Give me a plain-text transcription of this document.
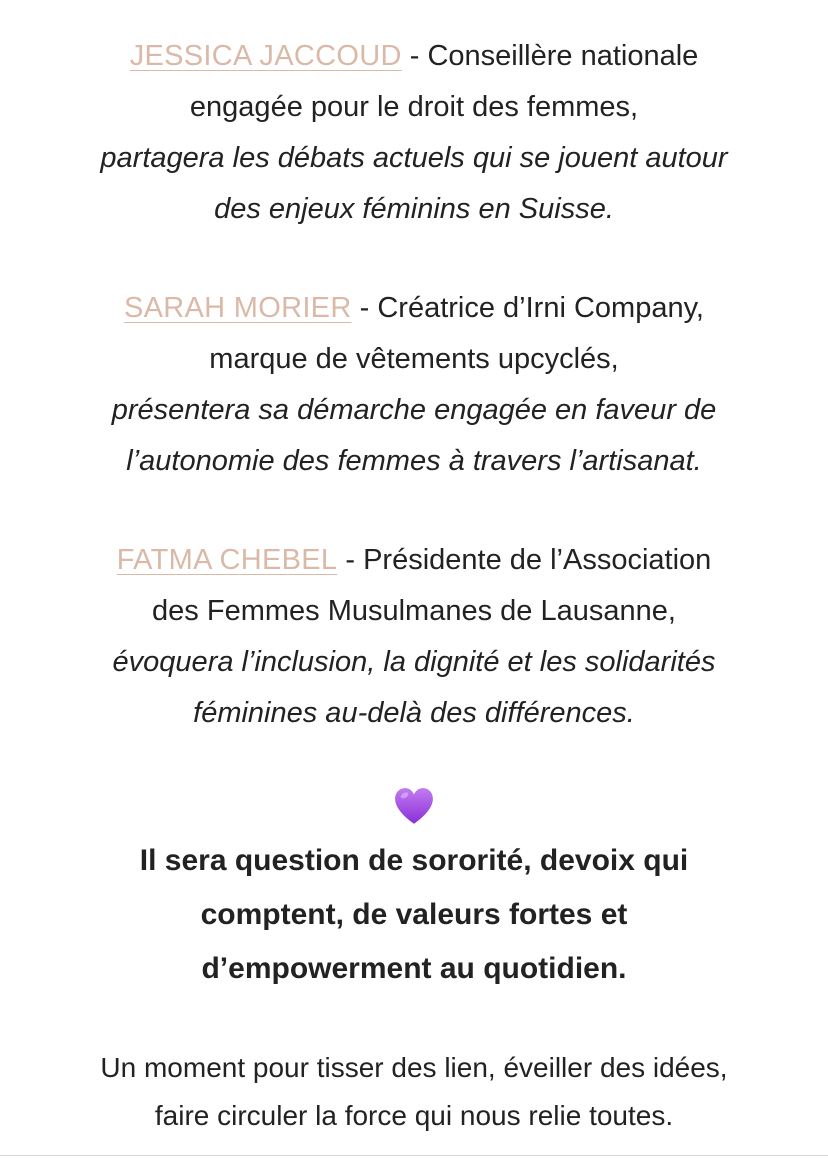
JESSICA JACCOUD - Conseillère nationale
engagée pour le droit des femmes,
partagera les débats actuels qui se jouent autour
des enjeux féminins en Suisse.
SARAH MORIER - Créatrice d’Irni Company,
marque de vêtements upcyclés,
présentera sa démarche engagée en faveur de
l’autonomie des femmes à travers l’artisanat.
FATMA CHEBEL - Présidente de l’Association
des Femmes Musulmanes de Lausanne,
évoquera l’inclusion, la dignité et les solidarités
féminines au-delà des différences.
Il sera question de sororité, devoix qui
comptent, de valeurs fortes et
d’empowerment au quotidien.
Un moment pour tisser des lien, éveiller des idées,
faire circuler la force qui nous relie toutes.
